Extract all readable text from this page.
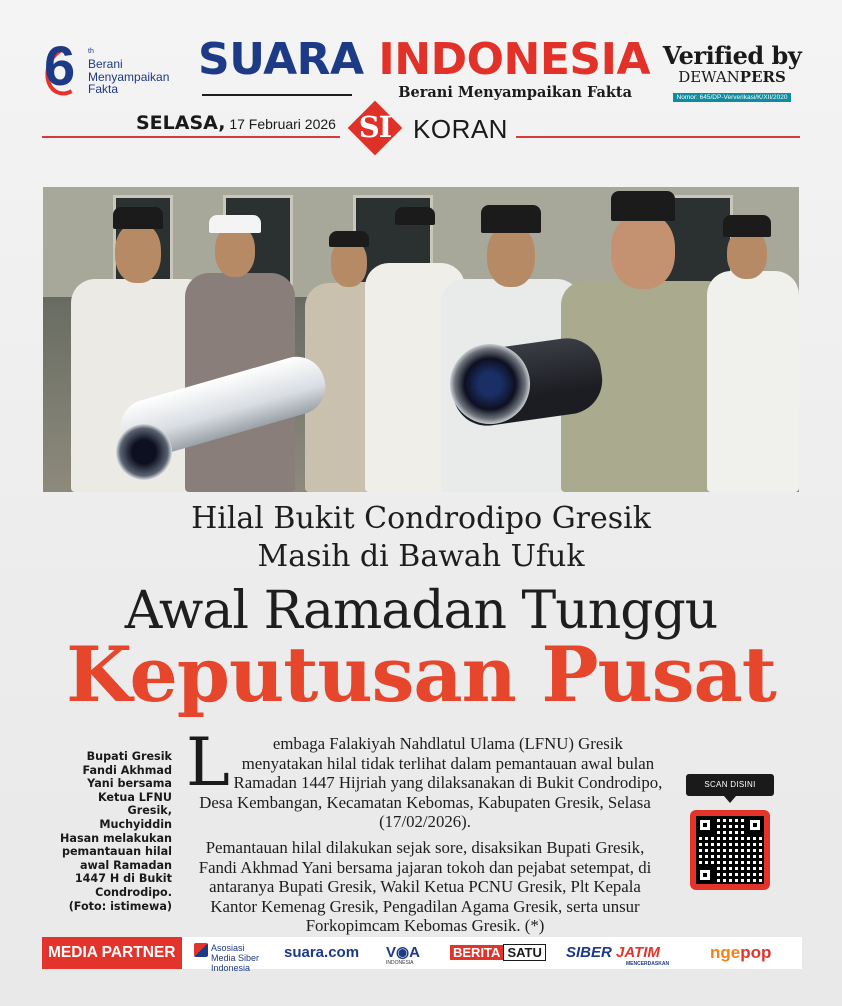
6 th
Berani
Menyampaikan
Fakta
SUARA INDONESIA
Berani Menyampaikan Fakta
Verified by
DEWANPERS
Nomor: 645/DP-Ververikasi/K/XII/2020
SELASA, 17 Februari 2026 SI KORAN
Hilal Bukit Condrodipo Gresik
Masih di Bawah Ufuk
Awal Ramadan Tunggu
Keputusan Pusat
Bupati Gresik Fandi Akhmad Yani bersama Ketua LFNU Gresik, Muchyiddin Hasan melakukan pemantauan hilal awal Ramadan 1447 H di Bukit Condrodipo. (Foto: istimewa)

L	embaga Falakiyah Nahdlatul Ulama (LFNU) Gresik menyatakan hilal tidak terlihat dalam pemantauan awal bulan Ramadan 1447 Hijriah yang dilaksanakan di Bukit Condrodipo, Desa Kembangan, Kecamatan Kebomas, Kabupaten Gresik, Selasa (17/02/2026).

Pemantauan hilal dilakukan sejak sore, disaksikan Bupati Gresik, Fandi Akhmad Yani bersama jajaran tokoh dan pejabat setempat, di antaranya Bupati Gresik, Wakil Ketua PCNU Gresik, Plt Kepala Kantor Kemenag Gresik, Pengadilan Agama Gresik, serta unsur Forkopimcam Kebomas Gresik. (*)

SCAN DISINI
MEDIA PARTNER	Asosiasi
Media Siber
Indonesia
suara.com V◉A
INDONESIA
BERITA SATU SIBER JATIM
MENCERDASKAN
ngepop
